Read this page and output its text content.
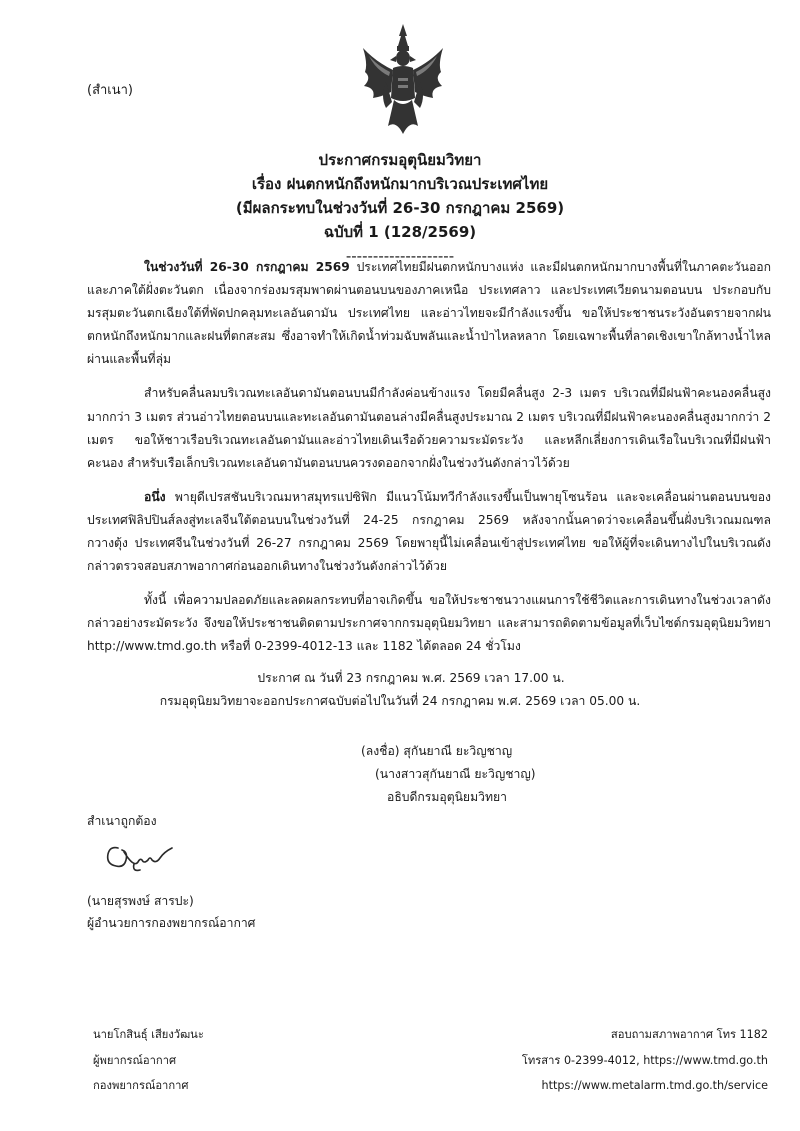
(สำเนา)
ประกาศกรมอุตุนิยมวิทยา
เรื่อง ฝนตกหนักถึงหนักมากบริเวณประเทศไทย
(มีผลกระทบในช่วงวันที่ 26-30 กรกฎาคม 2569)
ฉบับที่ 1 (128/2569)
--------------------

ในช่วงวันที่ 26-30 กรกฎาคม 2569 ประเทศไทยมีฝนตกหนักบางแห่ง และมีฝนตกหนักมากบางพื้นที่ในภาคตะวันออกและภาคใต้ฝั่งตะวันตก เนื่องจากร่องมรสุมพาดผ่านตอนบนของภาคเหนือ ประเทศลาว และประเทศเวียดนามตอนบน ประกอบกับมรสุมตะวันตกเฉียงใต้ที่พัดปกคลุมทะเลอันดามัน ประเทศไทย และอ่าวไทยจะมีกำลังแรงขึ้น ขอให้ประชาชนระวังอันตรายจากฝนตกหนักถึงหนักมากและฝนที่ตกสะสม ซึ่งอาจทำให้เกิดน้ำท่วมฉับพลันและน้ำป่าไหลหลาก โดยเฉพาะพื้นที่ลาดเชิงเขาใกล้ทางน้ำไหลผ่านและพื้นที่ลุ่ม

สำหรับคลื่นลมบริเวณทะเลอันดามันตอนบนมีกำลังค่อนข้างแรง โดยมีคลื่นสูง 2-3 เมตร บริเวณที่มีฝนฟ้าคะนองคลื่นสูงมากกว่า 3 เมตร ส่วนอ่าวไทยตอนบนและทะเลอันดามันตอนล่างมีคลื่นสูงประมาณ 2 เมตร บริเวณที่มีฝนฟ้าคะนองคลื่นสูงมากกว่า 2 เมตร ขอให้ชาวเรือบริเวณทะเลอันดามันและอ่าวไทยเดินเรือด้วยความระมัดระวัง และหลีกเลี่ยงการเดินเรือในบริเวณที่มีฝนฟ้าคะนอง สำหรับเรือเล็กบริเวณทะเลอันดามันตอนบนควรงดออกจากฝั่งในช่วงวันดังกล่าวไว้ด้วย

อนึ่ง พายุดีเปรสชันบริเวณมหาสมุทรแปซิฟิก มีแนวโน้มทวีกำลังแรงขึ้นเป็นพายุโซนร้อน และจะเคลื่อนผ่านตอนบนของประเทศฟิลิปปินส์ลงสู่ทะเลจีนใต้ตอนบนในช่วงวันที่ 24-25 กรกฎาคม 2569 หลังจากนั้นคาดว่าจะเคลื่อนขึ้นฝั่งบริเวณมณฑลกวางตุ้ง ประเทศจีนในช่วงวันที่ 26-27 กรกฎาคม 2569 โดยพายุนี้ไม่เคลื่อนเข้าสู่ประเทศไทย ขอให้ผู้ที่จะเดินทางไปในบริเวณดังกล่าวตรวจสอบสภาพอากาศก่อนออกเดินทางในช่วงวันดังกล่าวไว้ด้วย

ทั้งนี้ เพื่อความปลอดภัยและลดผลกระทบที่อาจเกิดขึ้น ขอให้ประชาชนวางแผนการใช้ชีวิตและการเดินทางในช่วงเวลาดังกล่าวอย่างระมัดระวัง จึงขอให้ประชาชนติดตามประกาศจากกรมอุตุนิยมวิทยา และสามารถติดตามข้อมูลที่เว็บไซต์กรมอุตุนิยมวิทยา http://www.tmd.go.th หรือที่ 0-2399-4012-13 และ 1182 ได้ตลอด 24 ชั่วโมง

ประกาศ ณ วันที่ 23 กรกฎาคม พ.ศ. 2569 เวลา 17.00 น.
กรมอุตุนิยมวิทยาจะออกประกาศฉบับต่อไปในวันที่ 24 กรกฎาคม พ.ศ. 2569 เวลา 05.00 น.
(ลงชื่อ) สุกันยาณี ยะวิญชาญ
(นางสาวสุกันยาณี ยะวิญชาญ)
อธิบดีกรมอุตุนิยมวิทยา
สำเนาถูกต้อง
(นายสุรพงษ์ สารปะ)
ผู้อำนวยการกองพยากรณ์อากาศ
นายโกสินธุ์ เสียงวัฒนะ
ผู้พยากรณ์อากาศ
กองพยากรณ์อากาศ
สอบถามสภาพอากาศ โทร 1182
โทรสาร 0-2399-4012, https://www.tmd.go.th
https://www.metalarm.tmd.go.th/service
